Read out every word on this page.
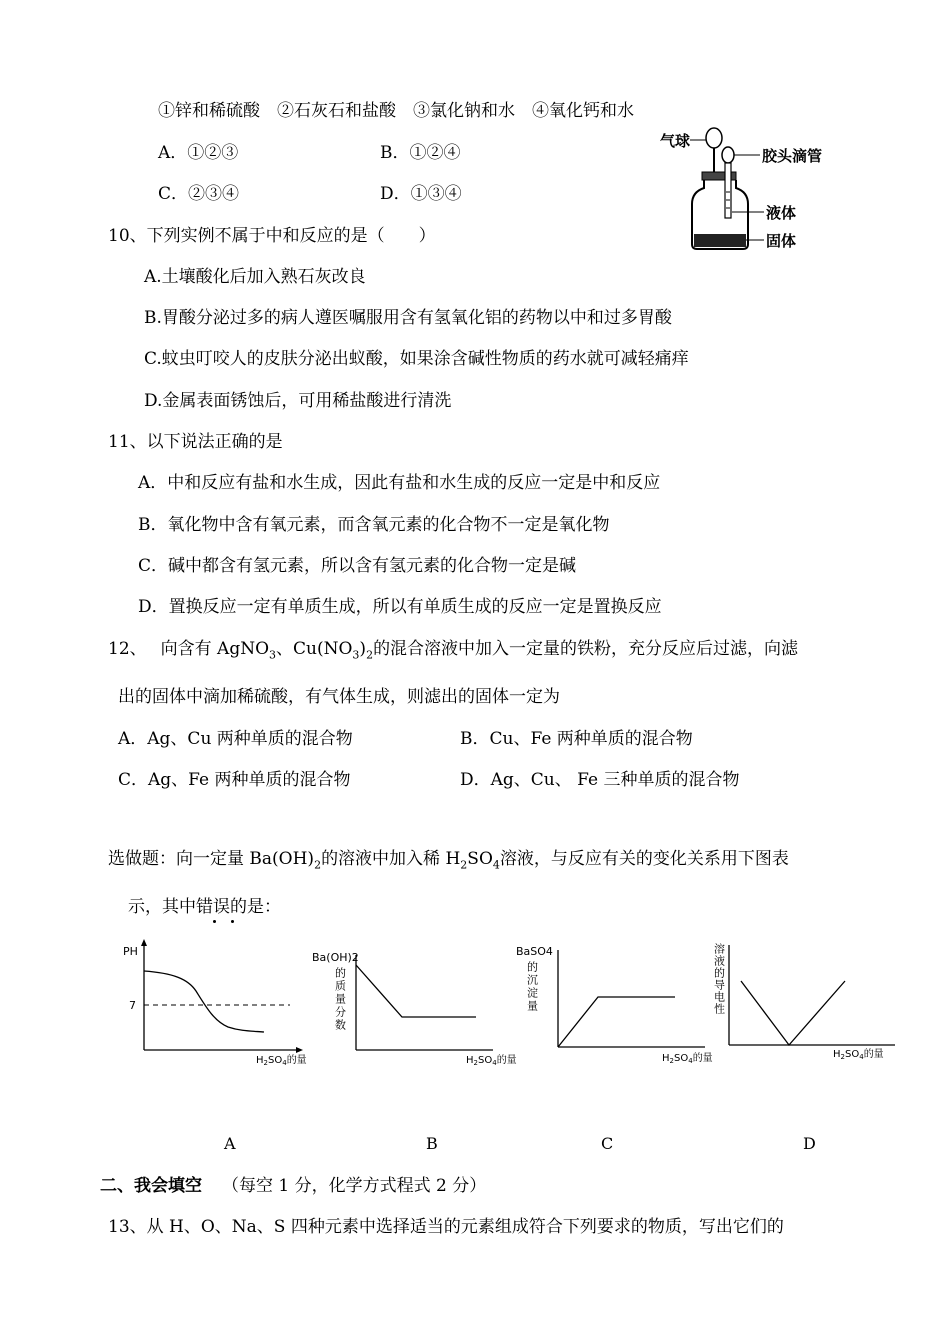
①锌和稀硫酸　②石灰石和盐酸　③氯化钠和水　④氧化钙和水
A．①②③	B．①②④
C．②③④	D．①③④
气球
胶头滴管
液体
固体
10、下列实例不属于中和反应的是（　　）
A.土壤酸化后加入熟石灰改良
B.胃酸分泌过多的病人遵医嘱服用含有氢氧化铝的药物以中和过多胃酸
C.蚊虫叮咬人的皮肤分泌出蚁酸，如果涂含碱性物质的药水就可减轻痛痒
D.金属表面锈蚀后，可用稀盐酸进行清洗
11、以下说法正确的是
A．中和反应有盐和水生成，因此有盐和水生成的反应一定是中和反应
B．氧化物中含有氧元素，而含氧元素的化合物不一定是氧化物
C．碱中都含有氢元素，所以含有氢元素的化合物一定是碱
D．置换反应一定有单质生成，所以有单质生成的反应一定是置换反应
12、 向含有 AgNO$_3$、$Cu(NO_3)_2$的混合溶液中加入一定量的铁粉，充分反应后过滤，向滤
出的固体中滴加稀硫酸，有气体生成，则滤出的固体一定为
A．Ag、Cu 两种单质的混合物	B．Cu、Fe 两种单质的混合物
C．Ag、Fe 两种单质的混合物	D．Ag、Cu、 Fe 三种单质的混合物
选做题：向一定量 $Ba(OH)_2$的溶液中加入稀 $H_2SO_4$溶液，与反应有关的变化关系用下图表
示，其中错误的是：
PH
7
$H_2SO_4$的量
Ba(OH)2
的质量分数
$H_2SO_4$的量
BaSO4
的沉淀量
$H_2SO_4$的量
溶液的导电性
$H_2SO_4$的量
A	B	C	D
二、我会填空 （每空 1 分，化学方式程式 2 分）
13、从 H、O、Na、S 四种元素中选择适当的元素组成符合下列要求的物质，写出它们的
